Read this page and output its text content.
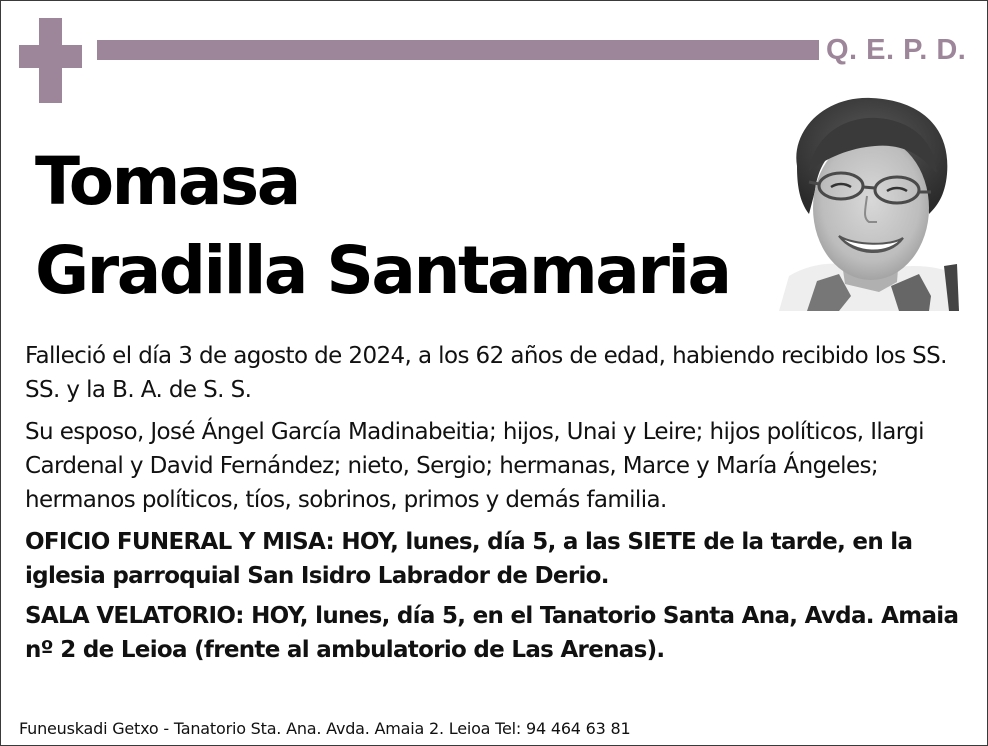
Q. E. P. D.
Tomasa
Gradilla Santamaria

Falleció el día 3 de agosto de 2024, a los 62 años de edad, habiendo recibido los SS. SS. y la B. A. de S. S.

Su esposo, José Ángel García Madinabeitia; hijos, Unai y Leire; hijos políticos, Ilargi Cardenal y David Fernández; nieto, Sergio; hermanas, Marce y María Ángeles; hermanos políticos, tíos, sobrinos, primos y demás familia.

OFICIO FUNERAL Y MISA: HOY, lunes, día 5, a las SIETE de la tarde, en la iglesia parroquial San Isidro Labrador de Derio.

SALA VELATORIO: HOY, lunes, día 5, en el Tanatorio Santa Ana, Avda. Amaia nº 2 de Leioa (frente al ambulatorio de Las Arenas).

Funeuskadi Getxo - Tanatorio Sta. Ana. Avda. Amaia 2. Leioa Tel: 94 464 63 81
